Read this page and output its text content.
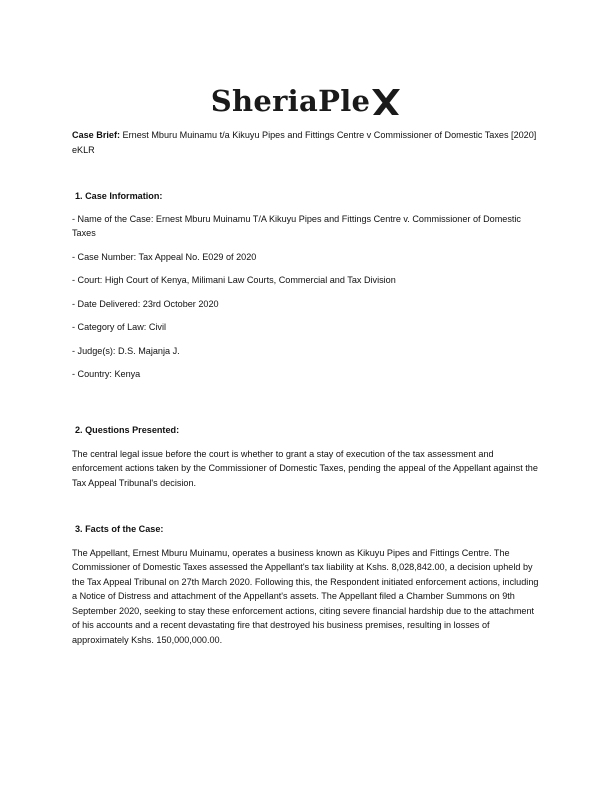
SheriaPle

Case Brief: Ernest Mburu Muinamu t/a Kikuyu Pipes and Fittings Centre v Commissioner of Domestic Taxes [2020] eKLR

1. Case Information:

- Name of the Case: Ernest Mburu Muinamu T/A Kikuyu Pipes and Fittings Centre v. Commissioner of Domestic Taxes

- Case Number: Tax Appeal No. E029 of 2020

- Court: High Court of Kenya, Milimani Law Courts, Commercial and Tax Division

- Date Delivered: 23rd October 2020

- Category of Law: Civil

- Judge(s): D.S. Majanja J.

- Country: Kenya

2. Questions Presented:

The central legal issue before the court is whether to grant a stay of execution of the tax assessment and enforcement actions taken by the Commissioner of Domestic Taxes, pending the appeal of the Appellant against the Tax Appeal Tribunal's decision.

3. Facts of the Case:

The Appellant, Ernest Mburu Muinamu, operates a business known as Kikuyu Pipes and Fittings Centre. The Commissioner of Domestic Taxes assessed the Appellant's tax liability at Kshs. 8,028,842.00, a decision upheld by the Tax Appeal Tribunal on 27th March 2020. Following this, the Respondent initiated enforcement actions, including a Notice of Distress and attachment of the Appellant's assets. The Appellant filed a Chamber Summons on 9th September 2020, seeking to stay these enforcement actions, citing severe financial hardship due to the attachment of his accounts and a recent devastating fire that destroyed his business premises, resulting in losses of approximately Kshs. 150,000,000.00.
